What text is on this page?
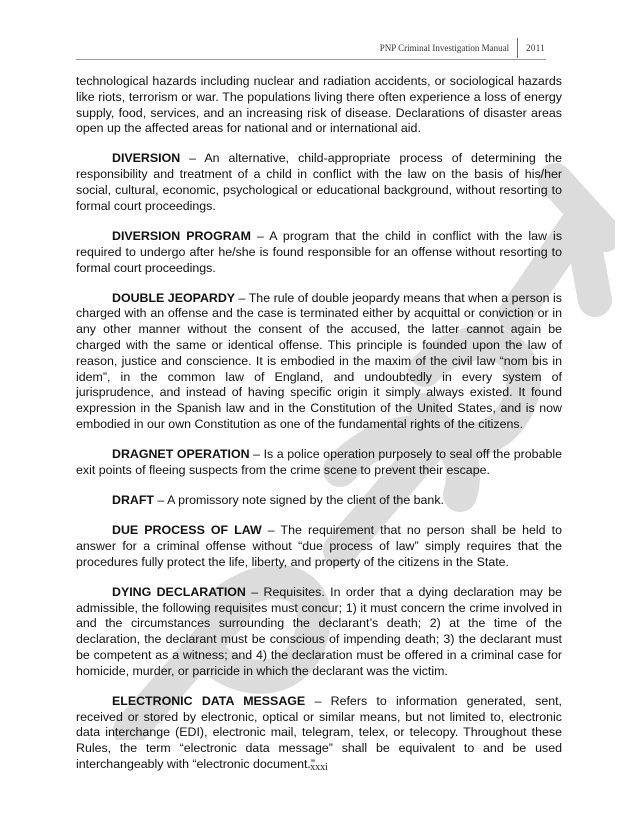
PNP Criminal Investigation Manual	2011

technological hazards including nuclear and radiation accidents, or sociological hazards like riots, terrorism or war. The populations living there often experience a loss of energy supply, food, services, and an increasing risk of disease. Declarations of disaster areas open up the affected areas for national and or international aid.

DIVERSION – An alternative, child-appropriate process of determining the responsibility and treatment of a child in conflict with the law on the basis of his/her social, cultural, economic, psychological or educational background, without resorting to formal court proceedings.

DIVERSION PROGRAM – A program that the child in conflict with the law is required to undergo after he/she is found responsible for an offense without resorting to formal court proceedings.

DOUBLE JEOPARDY – The rule of double jeopardy means that when a person is charged with an offense and the case is terminated either by acquittal or conviction or in any other manner without the consent of the accused, the latter cannot again be charged with the same or identical offense. This principle is founded upon the law of reason, justice and conscience. It is embodied in the maxim of the civil law “nom bis in idem”, in the common law of England, and undoubtedly in every system of jurisprudence, and instead of having specific origin it simply always existed. It found expression in the Spanish law and in the Constitution of the United States, and is now embodied in our own Constitution as one of the fundamental rights of the citizens.

DRAGNET OPERATION – Is a police operation purposely to seal off the probable exit points of fleeing suspects from the crime scene to prevent their escape.

DRAFT – A promissory note signed by the client of the bank.

DUE PROCESS OF LAW – The requirement that no person shall be held to answer for a criminal offense without “due process of law” simply requires that the procedures fully protect the life, liberty, and property of the citizens in the State.

DYING DECLARATION – Requisites. In order that a dying declaration may be admissible, the following requisites must concur; 1) it must concern the crime involved in and the circumstances surrounding the declarant’s death; 2) at the time of the declaration, the declarant must be conscious of impending death; 3) the declarant must be competent as a witness; and 4) the declaration must be offered in a criminal case for homicide, murder, or parricide in which the declarant was the victim.

ELECTRONIC DATA MESSAGE – Refers to information generated, sent, received or stored by electronic, optical or similar means, but not limited to, electronic data interchange (EDI), electronic mail, telegram, telex, or telecopy. Throughout these Rules, the term “electronic data message” shall be equivalent to and be used interchangeably with “electronic document.”

xxxi
